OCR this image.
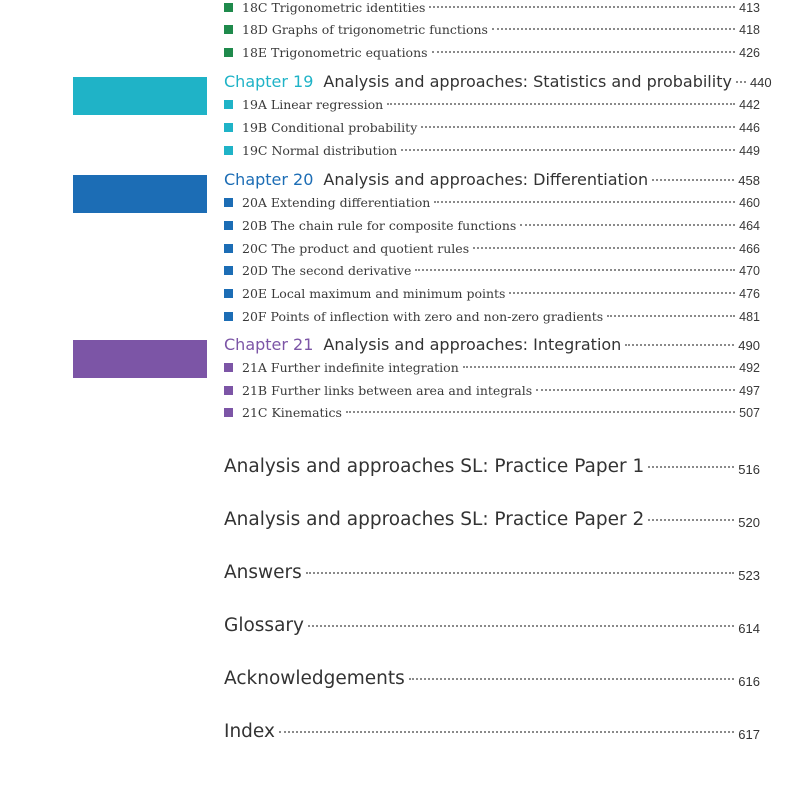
18C Trigonometric identities	413
18D Graphs of trigonometric functions	418
18E Trigonometric equations	426
Chapter 19 Analysis and approaches: Statistics and probability 440
19A Linear regression	442
19B Conditional probability	446
19C Normal distribution	449
Chapter 20 Analysis and approaches: Differentiation	458
20A Extending differentiation	460
20B The chain rule for composite functions	464
20C The product and quotient rules	466
20D The second derivative	470
20E Local maximum and minimum points	476
20F Points of inflection with zero and non-zero gradients	481
Chapter 21 Analysis and approaches: Integration	490
21A Further indefinite integration	492
21B Further links between area and integrals	497
21C Kinematics	507
Analysis and approaches SL: Practice Paper 1	516
Analysis and approaches SL: Practice Paper 2	520
Answers	523
Glossary	614
Acknowledgements	616
Index	617
